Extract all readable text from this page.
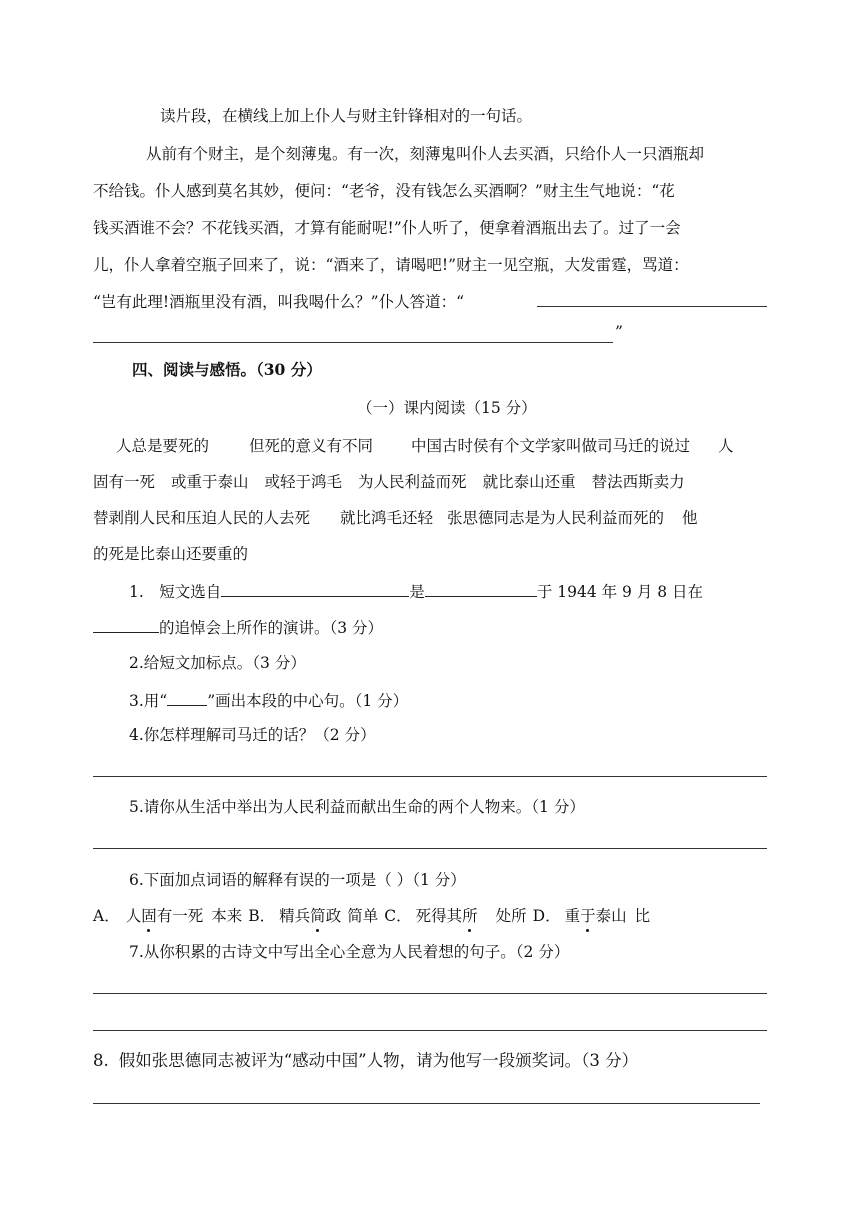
读片段，在横线上加上仆人与财主针锋相对的一句话。
从前有个财主，是个刻薄鬼。有一次，刻薄鬼叫仆人去买酒，只给仆人一只酒瓶却
不给钱。仆人感到莫名其妙，便问：“老爷，没有钱怎么买酒啊？”财主生气地说：“花
钱买酒谁不会？不花钱买酒，才算有能耐呢!”仆人听了，便拿着酒瓶出去了。过了一会
儿，仆人拿着空瓶子回来了，说：“酒来了，请喝吧!”财主一见空瓶，大发雷霆，骂道：
“岂有此理!酒瓶里没有酒，叫我喝什么？”仆人答道：“
”
四、阅读与感悟。（30 分）
（一）课内阅读（15 分）
人总是要死的	但死的意义有不同 中国古时侯有个文学家叫做司马迁的说过 人
固有一死 或重于泰山 或轻于鸿毛 为人民利益而死 就比泰山还重 替法西斯卖力
替剥削人民和压迫人民的人去死 就比鸿毛还轻 张思德同志是为人民利益而死的 他
的死是比泰山还要重的
1.　短文选自	是	于 1944 年 9 月 8 日在
的追悼会上所作的演讲。（3 分）
2.给短文加标点。（3 分）
3.用“	”画出本段的中心句。（1 分）
4.你怎样理解司马迁的话？（2 分）
5.请你从生活中举出为人民利益而献出生命的两个人物来。（1 分）
6.下面加点词语的解释有误的一项是（ ）（1 分）
A． 人固有一死 本来 B． 精兵简政 简单 C． 死得其所 处所 D． 重于泰山 比
7.从你积累的古诗文中写出全心全意为人民着想的句子。（2 分）
8. 假如张思德同志被评为“感动中国”人物，请为他写一段颁奖词。（3 分）
